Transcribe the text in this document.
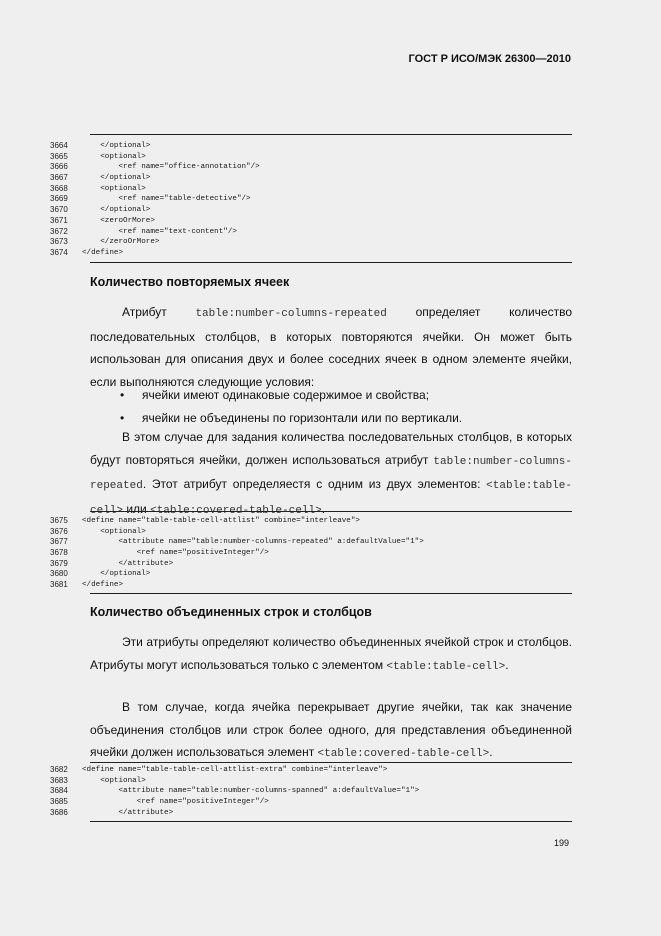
ГОСТ Р ИСО/МЭК 26300—2010
3664	</optional>
3665	<optional>
3666	<ref name="office-annotation"/>
3667	</optional>
3668	<optional>
3669	<ref name="table-detective"/>
3670	</optional>
3671	<zeroOrMore>
3672	<ref name="text-content"/>
3673	</zeroOrMore>
3674	</define>
Количество повторяемых ячеек
Атрибут table:number-columns-repeated определяет количество последовательных столбцов, в которых повторяются ячейки. Он может быть использован для описания двух и более соседних ячеек в одном элементе ячейки, если выполняются следующие условия:
•	ячейки имеют одинаковые содержимое и свойства;
•	ячейки не объединены по горизонтали или по вертикали.
В этом случае для задания количества последовательных столбцов, в которых будут повторяться ячейки, должен использоваться атрибут table:number-columns-repeated. Этот атрибут определяестя с одним из двух элементов: <table:table-cell> или <table:covered-table-cell>.
3675	<define name="table-table-cell-attlist" combine="interleave">
3676	<optional>
3677	<attribute name="table:number-columns-repeated" a:defaultValue="1">
3678	<ref name="positiveInteger"/>
3679	</attribute>
3680	</optional>
3681	</define>
Количество объединенных строк и столбцов
Эти атрибуты определяют количество объединенных ячейкой строк и столбцов. Атрибуты могут использоваться только с элементом <table:table-cell>.
В том случае, когда ячейка перекрывает другие ячейки, так как значение объединения столбцов или строк более одного, для представления объединенной ячейки должен использоваться элемент <table:covered-table-cell>.
3682	<define name="table-table-cell-attlist-extra" combine="interleave">
3683	<optional>
3684	<attribute name="table:number-columns-spanned" a:defaultValue="1">
3685	<ref name="positiveInteger"/>
3686	</attribute>
199
